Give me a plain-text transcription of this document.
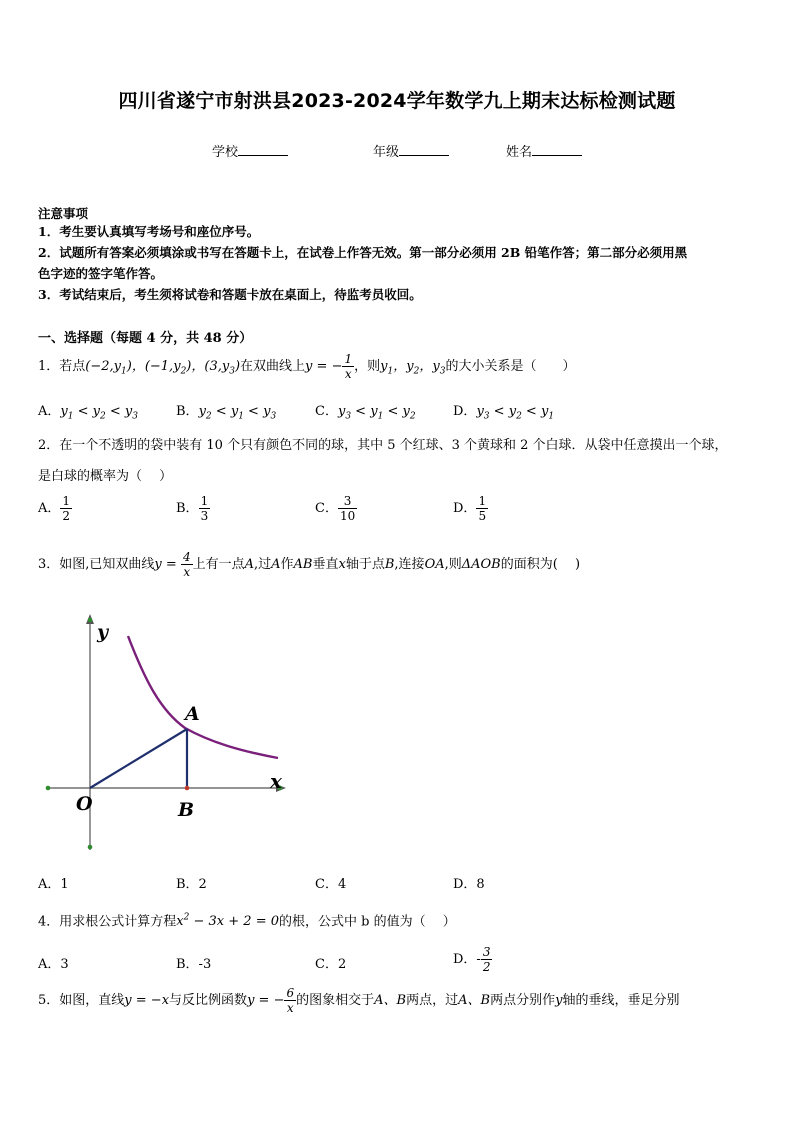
四川省遂宁市射洪县2023-2024学年数学九上期末达标检测试题
学校	年级	姓名
注意事项
1．考生要认真填写考场号和座位序号。
2．试题所有答案必须填涂或书写在答题卡上，在试卷上作答无效。第一部分必须用 2B 铅笔作答；第二部分必须用黑
色字迹的签字笔作答。
3．考试结束后，考生须将试卷和答题卡放在桌面上，待监考员收回。
一、选择题（每题 4 分，共 48 分）
1．若点$(-2,y_1)$，$(-1,y_2)$，$(3,y_3)$在双曲线上y = − $\frac{1}{x}$ ，则$y_1$，$y_2$，$y_3$的大小关系是（　　）
A．$y_1 < y_2 < y_3$	B．$y_2 < y_1 < y_3$	C．$y_3 < y_1 < y_2$	D．$y_3 < y_2 < y_1$
2．在一个不透明的袋中装有 10 个只有颜色不同的球，其中 5 个红球、3 个黄球和 2 个白球．从袋中任意摸出一个球，
是白球的概率为（　 ）
A． $\frac{1}{2}$	B． $\frac{1}{3}$	C． $\frac{3}{10}$	D． $\frac{1}{5}$
3．如图,已知双曲线$y = \frac{4}{x}$ 上有一点A,过A作AB垂直x轴于点B,连接OA,则ΔAOB的面积为(　 )
y
x
O
A
B
A．1	B．2	C．4	D．8
4．用求根公式计算方程$x^2 - 3x + 2 = 0$的根，公式中 b 的值为（　 ）
A．3	B．-3	C．2	D．- $\frac{3}{2}$
5．如图，直线y = −x与反比例函数y = − $\frac{6}{x}$ 的图象相交于A、B两点，过A、B两点分别作y轴的垂线，垂足分别
